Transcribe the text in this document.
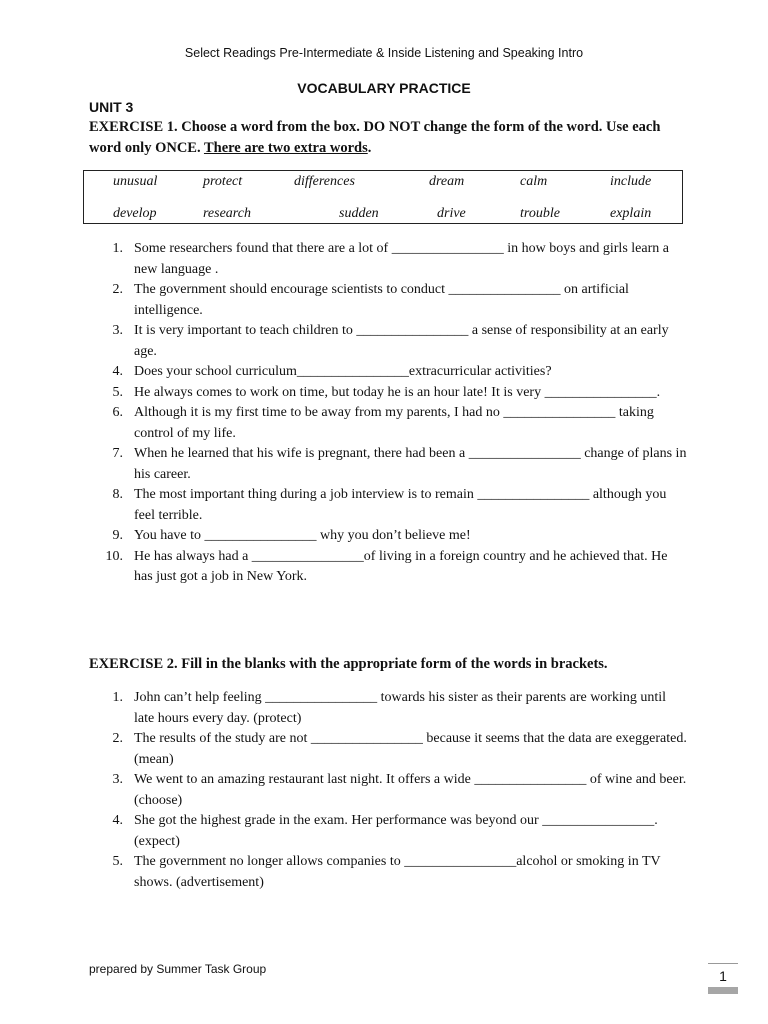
Select Readings Pre-Intermediate & Inside Listening and Speaking Intro
VOCABULARY PRACTICE
UNIT 3
EXERCISE 1. Choose a word from the box. DO NOT change the form of the word. Use each word only ONCE. There are two extra words.
unusual	protect	differences	dream	calm	include
develop	research	sudden	drive	trouble	explain
1. Some researchers found that there are a lot of ________________ in how boys and girls learn a new language .
2. The government should encourage scientists to conduct ________________ on artificial intelligence.
3. It is very important to teach children to ________________ a sense of responsibility at an early age.
4. Does your school curriculum________________extracurricular activities?
5. He always comes to work on time, but today he is an hour late! It is very ________________.
6. Although it is my first time to be away from my parents, I had no ________________ taking control of my life.
7. When he learned that his wife is pregnant, there had been a ________________ change of plans in his career.
8. The most important thing during a job interview is to remain ________________ although you feel terrible.
9. You have to ________________ why you don’t believe me!
10. He has always had a ________________of living in a foreign country and he achieved that. He has just got a job in New York.
EXERCISE 2. Fill in the blanks with the appropriate form of the words in brackets.
1. John can’t help feeling ________________ towards his sister as their parents are working until late hours every day. (protect)
2. The results of the study are not ________________ because it seems that the data are exeggerated. (mean)
3. We went to an amazing restaurant last night. It offers a wide ________________ of wine and beer. (choose)
4. She got the highest grade in the exam. Her performance was beyond our ________________. (expect)
5. The government no longer allows companies to ________________alcohol or smoking in TV shows. (advertisement)
prepared by Summer Task Group	1
